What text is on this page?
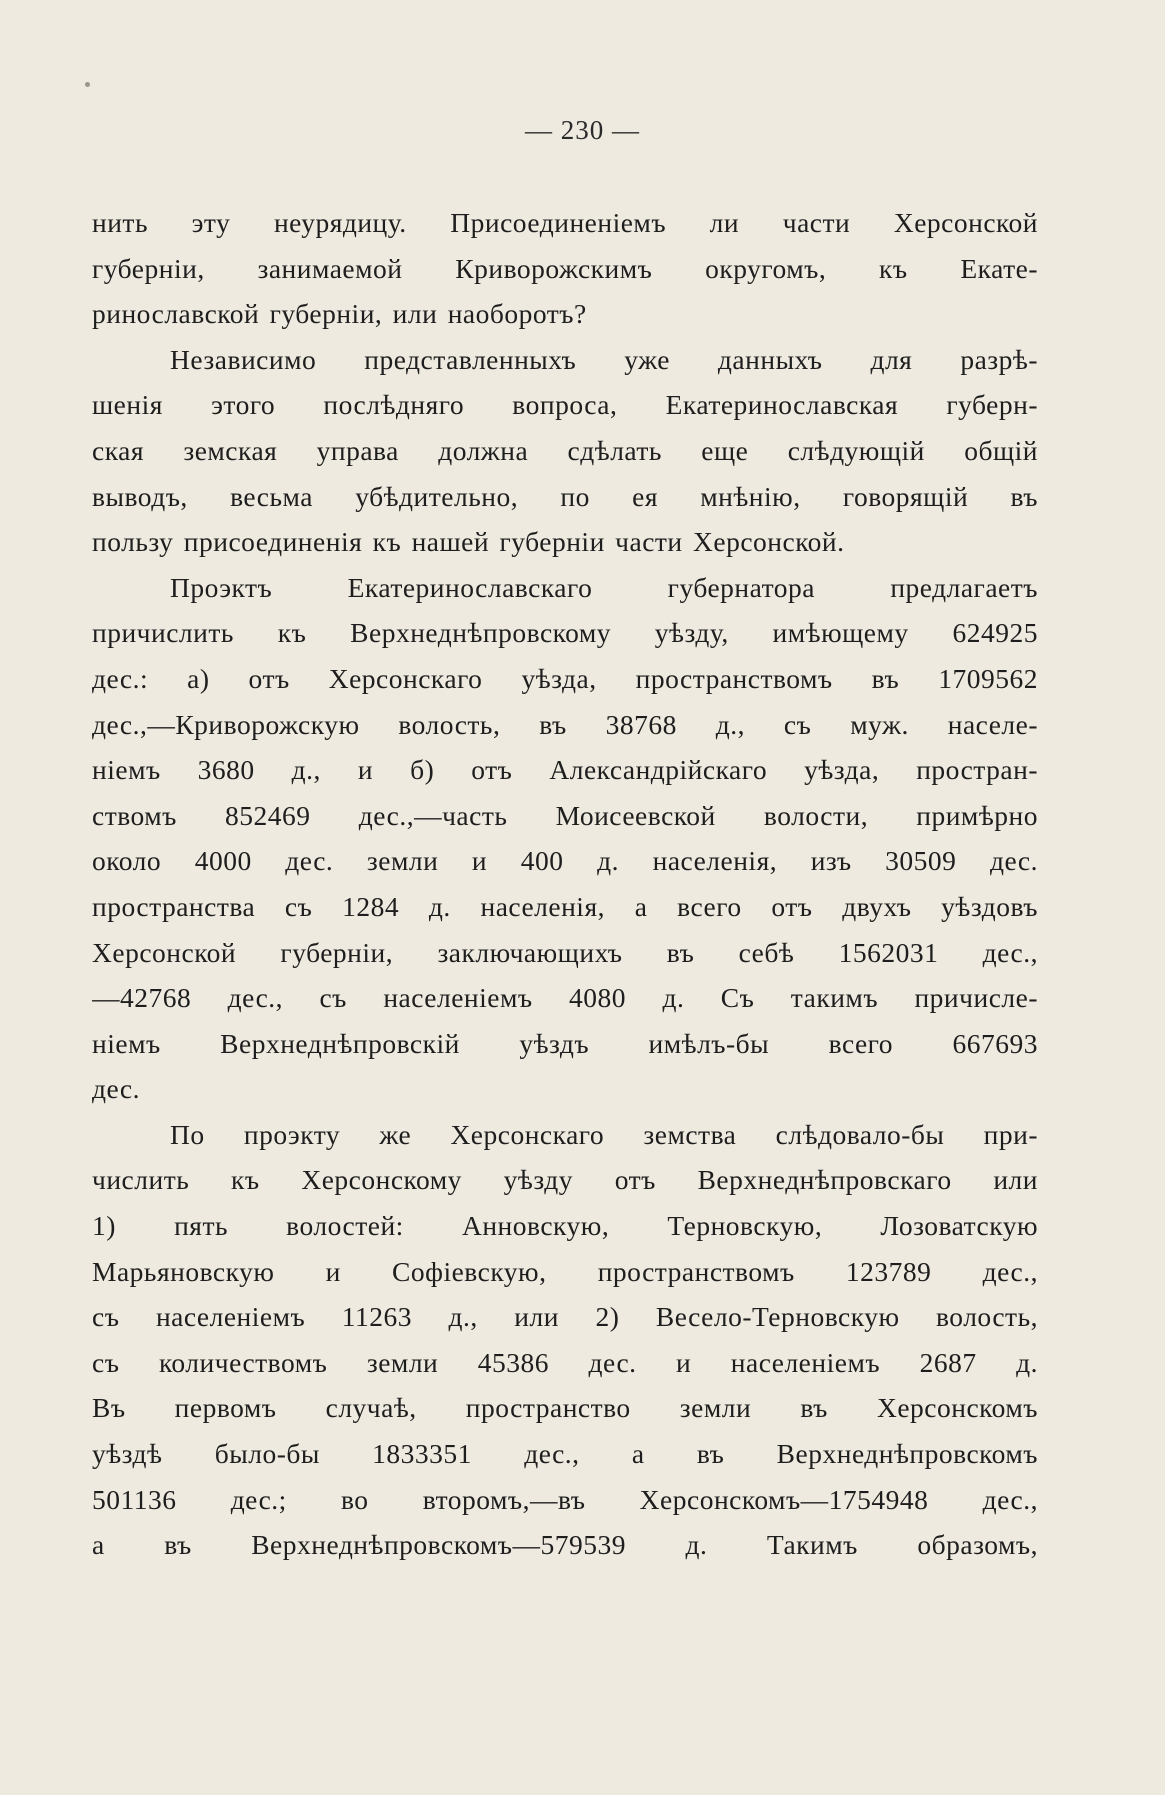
— 230 —
нить эту неурядицу. Присоединеніемъ ли части Херсонской
губерніи, занимаемой Криворожскимъ округомъ, къ Екате-
ринославской губерніи, или наоборотъ?
Независимо представленныхъ уже данныхъ для разрѣ-
шенія этого послѣдняго вопроса, Екатеринославская губерн-
ская земская управа должна сдѣлать еще слѣдующій общій
выводъ, весьма убѣдительно, по ея мнѣнію, говорящій въ
пользу присоединенія къ нашей губерніи части Херсонской.
Проэктъ Екатеринославскаго губернатора предлагаетъ
причислить къ Верхнеднѣпровскому уѣзду, имѣющему 624925
дес.: а) отъ Херсонскаго уѣзда, пространствомъ въ 1709562
дес.,—Криворожскую волость, въ 38768 д., съ муж. населе-
ніемъ 3680 д., и б) отъ Александрійскаго уѣзда, простран-
ствомъ 852469 дес.,—часть Моисеевской волости, примѣрно
около 4000 дес. земли и 400 д. населенія, изъ 30509 дес.
пространства съ 1284 д. населенія, а всего отъ двухъ уѣздовъ
Херсонской губерніи, заключающихъ въ себѣ 1562031 дес.,
—42768 дес., съ населеніемъ 4080 д. Съ такимъ причисле-
ніемъ Верхнеднѣпровскій уѣздъ имѣлъ-бы всего 667693
дес.
По проэкту же Херсонскаго земства слѣдовало-бы при-
числить къ Херсонскому уѣзду отъ Верхнеднѣпровскаго или
1) пять волостей: Анновскую, Терновскую, Лозоватскую
Марьяновскую и Софіевскую, пространствомъ 123789 дес.,
съ населеніемъ 11263 д., или 2) Весело-Терновскую волость,
съ количествомъ земли 45386 дес. и населеніемъ 2687 д.
Въ первомъ случаѣ, пространство земли въ Херсонскомъ
уѣздѣ было-бы 1833351 дес., а въ Верхнеднѣпровскомъ
501136 дес.; во второмъ,—въ Херсонскомъ—1754948 дес.,
а въ Верхнеднѣпровскомъ—579539 д. Такимъ образомъ,
